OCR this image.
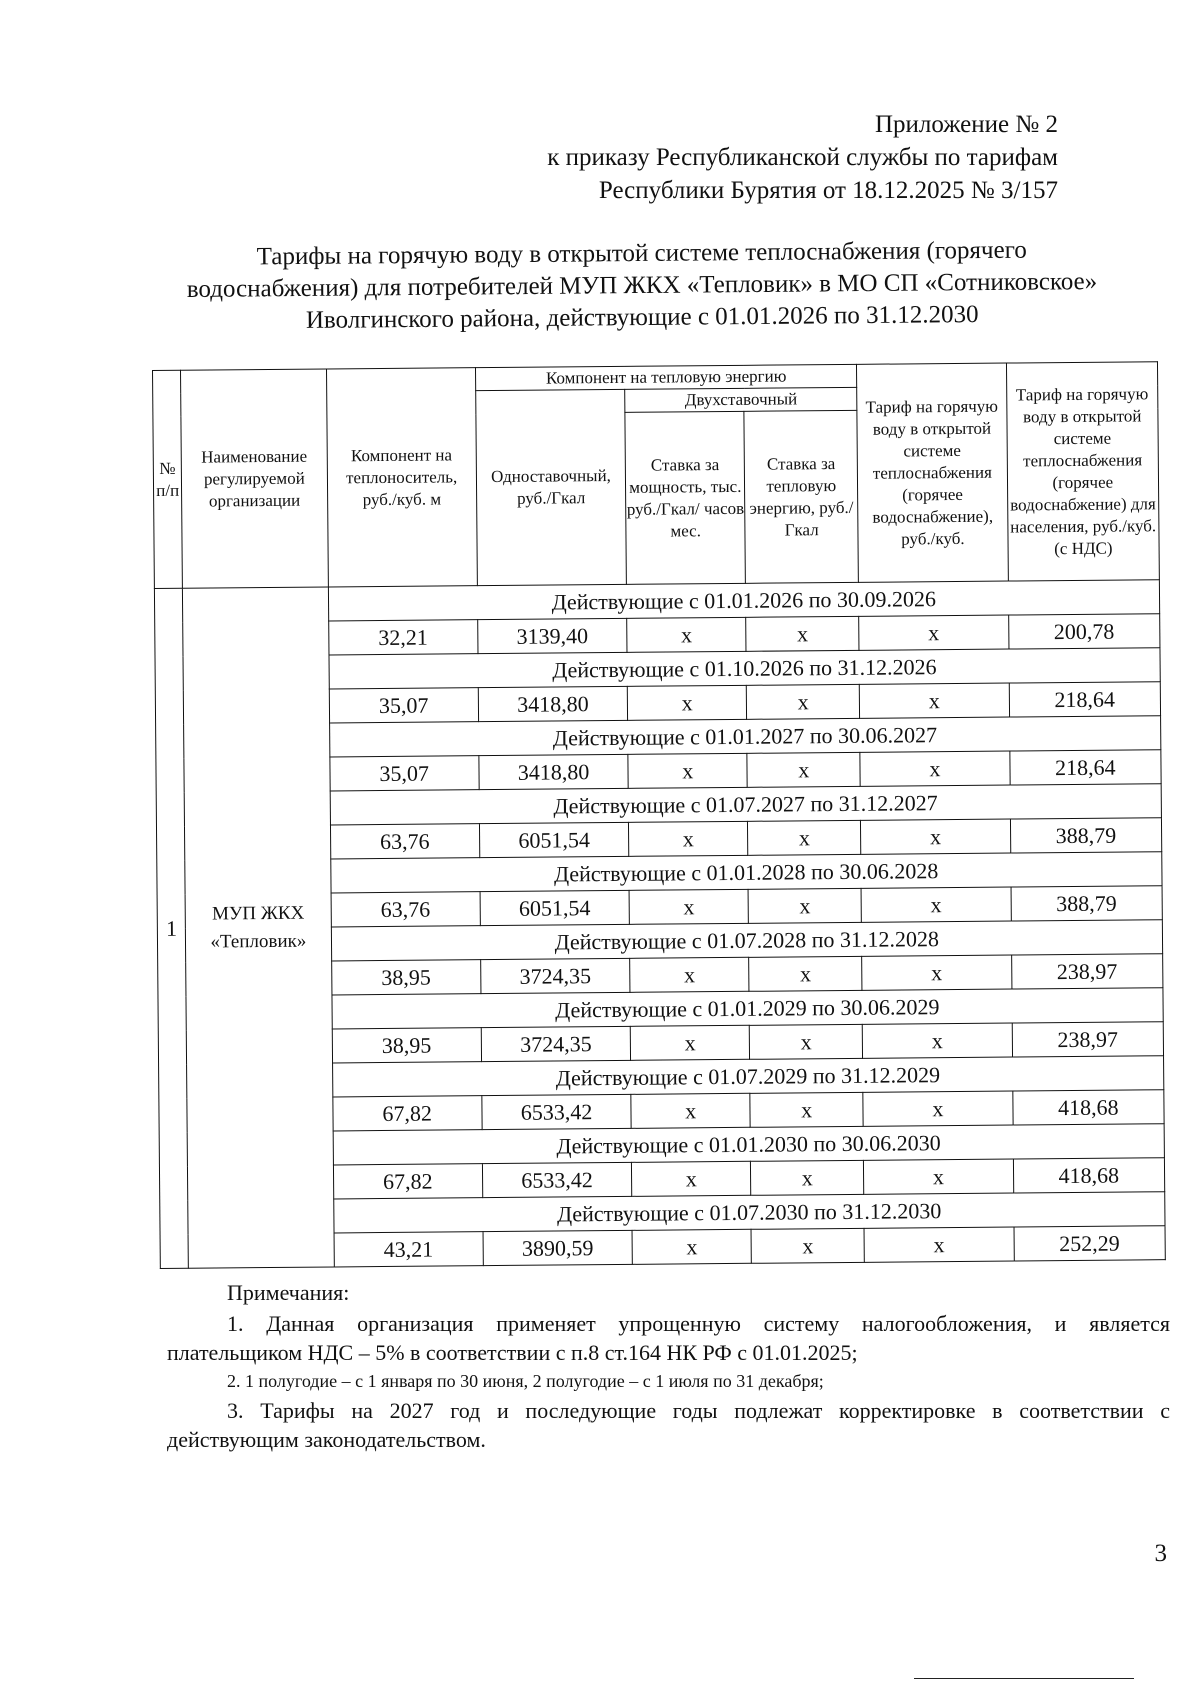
Приложение № 2
к приказу Республиканской службы по тарифам
Республики Бурятия от 18.12.2025 № 3/157
Тарифы на горячую воду в открытой системе теплоснабжения (горячего
водоснабжения) для потребителей МУП ЖКХ «Тепловик» в МО СП «Сотниковское»
Иволгинского района, действующие с 01.01.2026 по 31.12.2030
№ п/п	Наименование регулируемой организации	Компонент на теплоноситель, руб./куб. м	Компонент на тепловую энергию			Тариф на горячую воду в открытой системе теплоснабжения (горячее водоснабжение), руб./куб.	Тариф на горячую воду в открытой системе теплоснабжения (горячее водоснабжение) для населения, руб./куб. (с НДС)
			Одноставочный, руб./Гкал	Двухставочный			
				Ставка за мощность, тыс. руб./Гкал/ часов мес.	Ставка за тепловую энергию, руб./Гкал		
1	МУП ЖКХ «Тепловик»	Действующие с 01.01.2026 по 30.09.2026					
		32,21	3139,40	x	x	x	200,78
		Действующие с 01.10.2026 по 31.12.2026					
		35,07	3418,80	x	x	x	218,64
		Действующие с 01.01.2027 по 30.06.2027					
		35,07	3418,80	x	x	x	218,64
		Действующие с 01.07.2027 по 31.12.2027					
		63,76	6051,54	x	x	x	388,79
		Действующие с 01.01.2028 по 30.06.2028					
		63,76	6051,54	x	x	x	388,79
		Действующие с 01.07.2028 по 31.12.2028					
		38,95	3724,35	x	x	x	238,97
		Действующие с 01.01.2029 по 30.06.2029					
		38,95	3724,35	x	x	x	238,97
		Действующие с 01.07.2029 по 31.12.2029					
		67,82	6533,42	x	x	x	418,68
		Действующие с 01.01.2030 по 30.06.2030					
		67,82	6533,42	x	x	x	418,68
		Действующие с 01.07.2030 по 31.12.2030					
		43,21	3890,59	x	x	x	252,29
Примечания:
1. Данная организация применяет упрощенную систему налогообложения, и является плательщиком НДС – 5% в соответствии с п.8 ст.164 НК РФ с 01.01.2025;
2. 1 полугодие – с 1 января по 30 июня, 2 полугодие – с 1 июля по 31 декабря;
3. Тарифы на 2027 год и последующие годы подлежат корректировке в соответствии с действующим законодательством.
3
